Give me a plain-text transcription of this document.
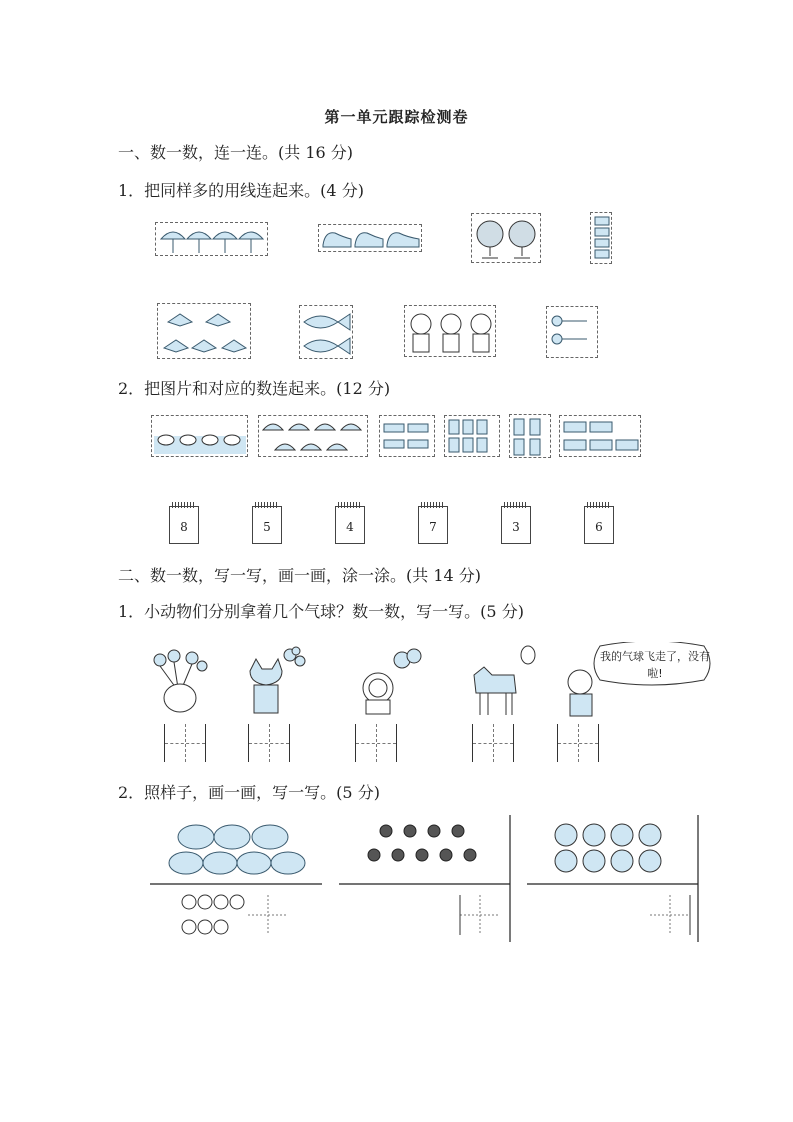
第一单元跟踪检测卷
一、数一数，连一连。(共 16 分)
1．把同样多的用线连起来。(4 分)
2．把图片和对应的数连起来。(12 分)
8	5	4	7	3	6
二、数一数，写一写，画一画，涂一涂。(共 14 分)
1．小动物们分别拿着几个气球？数一数，写一写。(5 分)
我的气球飞走了，没有啦!
2．照样子，画一画，写一写。(5 分)
